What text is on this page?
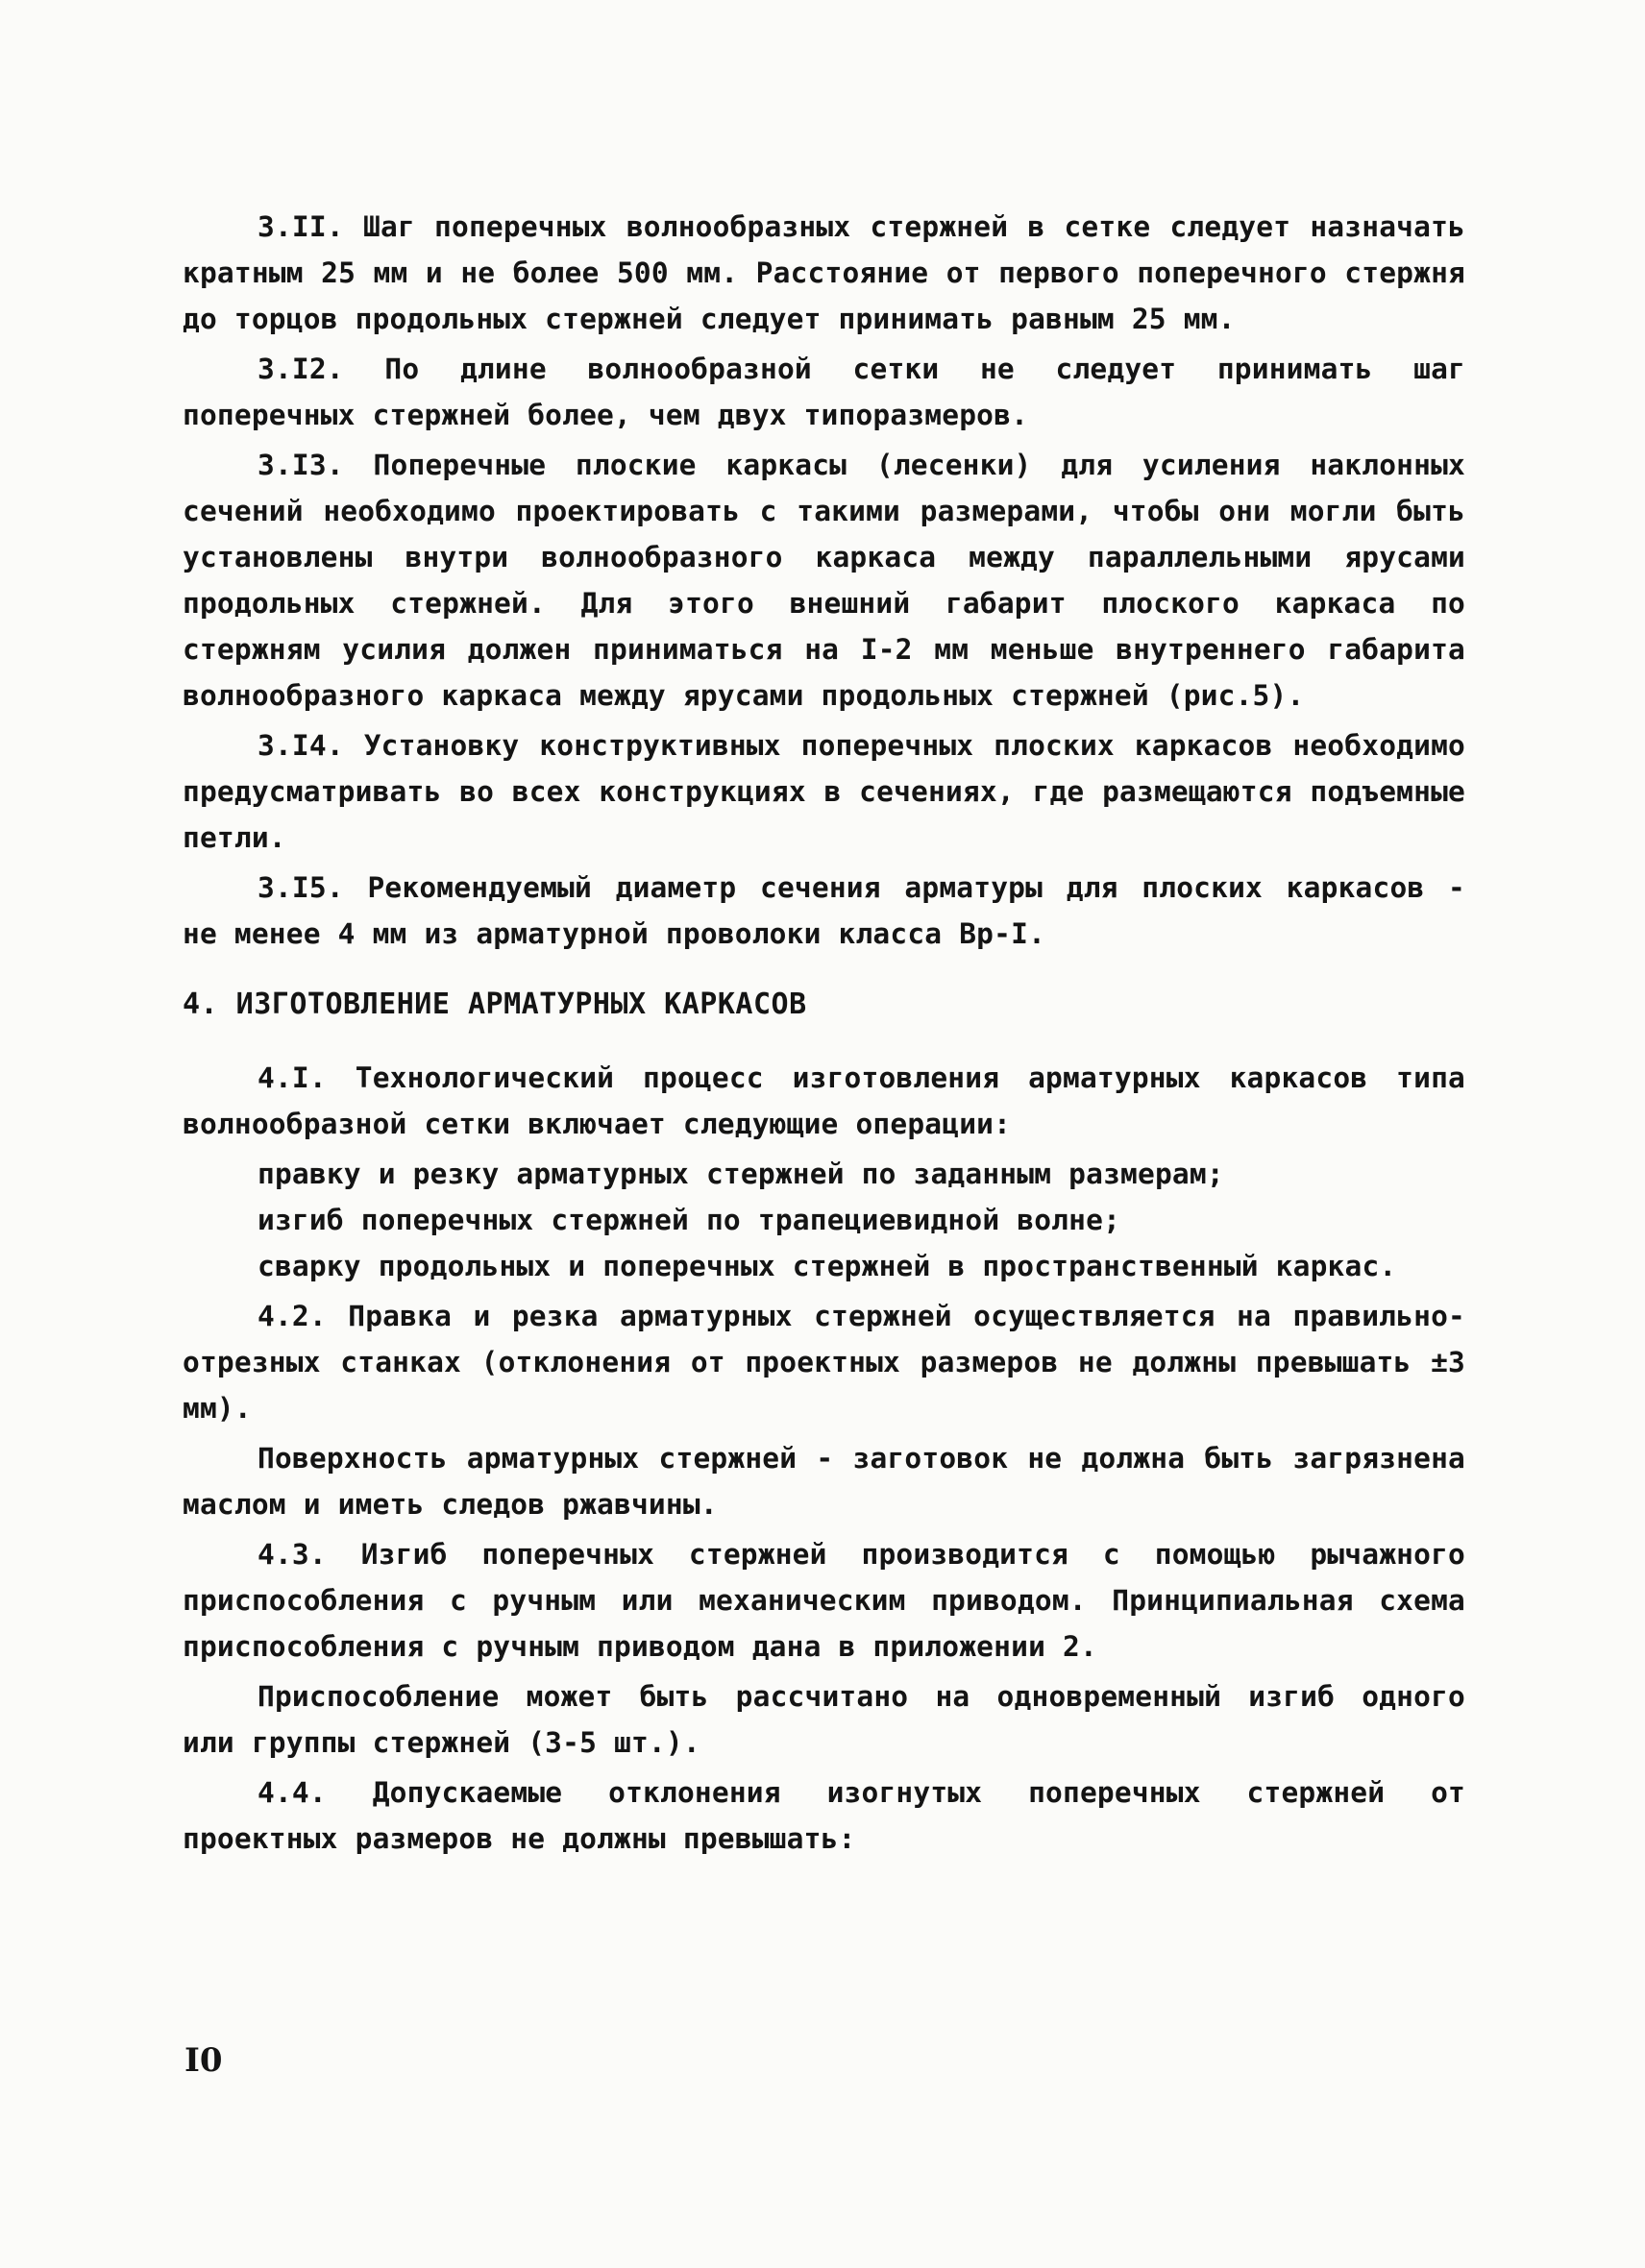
3.II. Шаг поперечных волнообразных стержней в сетке следует назначать кратным 25 мм и не более 500 мм. Расстояние от первого поперечного стержня до торцов продольных стержней следует принимать равным 25 мм.

3.I2. По длине волнообразной сетки не следует принимать шаг поперечных стержней более, чем двух типоразмеров.

3.I3. Поперечные плоские каркасы (лесенки) для усиления наклонных сечений необходимо проектировать с такими размерами, чтобы они могли быть установлены внутри волнообразного каркаса между параллельными ярусами продольных стержней. Для этого внешний габарит плоского каркаса по стержням усилия должен приниматься на I-2 мм меньше внутреннего габарита волнообразного каркаса между ярусами продольных стержней (рис.5).

3.I4. Установку конструктивных поперечных плоских каркасов необходимо предусматривать во всех конструкциях в сечениях, где размещаются подъемные петли.

3.I5. Рекомендуемый диаметр сечения арматуры для плоских каркасов - не менее 4 мм из арматурной проволоки класса Вр-I.

4. ИЗГОТОВЛЕНИЕ АРМАТУРНЫХ КАРКАСОВ

4.I. Технологический процесс изготовления арматурных каркасов типа волнообразной сетки включает следующие операции:

правку и резку арматурных стержней по заданным размерам;

изгиб поперечных стержней по трапециевидной волне;

сварку продольных и поперечных стержней в пространственный каркас.

4.2. Правка и резка арматурных стержней осуществляется на правильно-отрезных станках (отклонения от проектных размеров не должны превышать ±3 мм).

Поверхность арматурных стержней - заготовок не должна быть загрязнена маслом и иметь следов ржавчины.

4.3. Изгиб поперечных стержней производится с помощью рычажного приспособления с ручным или механическим приводом. Принципиальная схема приспособления с ручным приводом дана в приложении 2.

Приспособление может быть рассчитано на одновременный изгиб одного или группы стержней (3-5 шт.).

4.4. Допускаемые отклонения изогнутых поперечных стержней от проектных размеров не должны превышать:

I0
